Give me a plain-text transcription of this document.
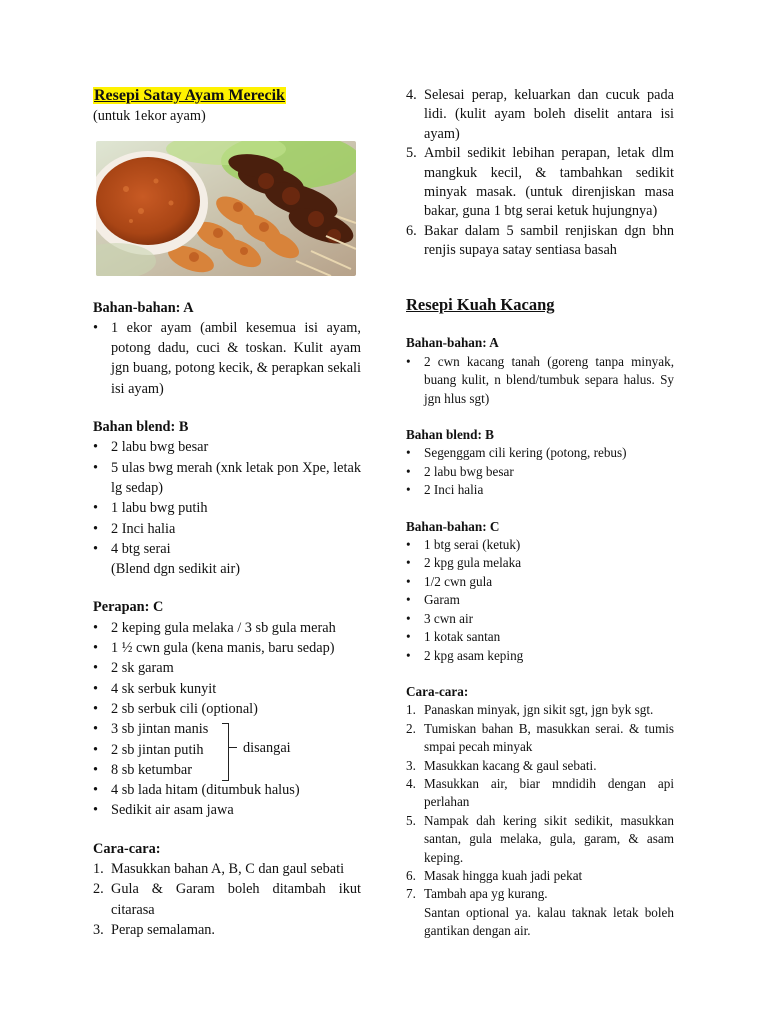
Resepi Satay Ayam Merecik

(untuk 1ekor ayam)

Bahan-bahan: A

• 1 ekor ayam (ambil kesemua isi ayam, potong dadu, cuci & toskan. Kulit ayam jgn buang, potong kecik, & perapkan sekali isi ayam)

Bahan blend: B

• 2 labu bwg besar
• 5 ulas bwg merah (xnk letak pon Xpe, letak lg sedap)
• 1 labu bwg putih
• 2 Inci halia
• 4 btg serai

(Blend dgn sedikit air)

Perapan: C

• 2 keping gula melaka / 3 sb gula merah
• 1 ½ cwn gula (kena manis, baru sedap)
• 2 sk garam
• 4 sk serbuk kunyit
• 2 sb serbuk cili (optional)
• 3 sb jintan manis
• 2 sb jintan putih
• 8 sb ketumbar
disangai
• 4 sb lada hitam (ditumbuk halus)
• Sedikit air asam jawa

Cara-cara:

1. Masukkan bahan A, B, C dan gaul sebati
2. Gula & Garam boleh ditambah ikut citarasa
3. Perap semalaman.
4. Selesai perap, keluarkan dan cucuk pada lidi. (kulit ayam boleh diselit antara isi ayam)
5. Ambil sedikit lebihan perapan, letak dlm mangkuk kecil, & tambahkan sedikit minyak masak. (untuk direnjiskan masa bakar, guna 1 btg serai ketuk hujungnya)
6. Bakar dalam 5 sambil renjiskan dgn bhn renjis supaya satay sentiasa basah

Resepi Kuah Kacang

Bahan-bahan: A

• 2 cwn kacang tanah (goreng tanpa minyak, buang kulit, n blend/tumbuk separa halus. Sy jgn hlus sgt)

Bahan blend: B

• Segenggam cili kering (potong, rebus)
• 2 labu bwg besar
• 2 Inci halia

Bahan-bahan: C

• 1 btg serai (ketuk)
• 2 kpg gula melaka
• 1/2 cwn gula
• Garam
• 3 cwn air
• 1 kotak santan
• 2 kpg asam keping

Cara-cara:

1. Panaskan minyak, jgn sikit sgt, jgn byk sgt.
2. Tumiskan bahan B, masukkan serai. & tumis smpai pecah minyak
3. Masukkan kacang & gaul sebati.
4. Masukkan air, biar mndidih dengan api perlahan
5. Nampak dah kering sikit sedikit, masukkan santan, gula melaka, gula, garam, & asam keping.
6. Masak hingga kuah jadi pekat
7. Tambah apa yg kurang.

Santan optional ya. kalau taknak letak boleh gantikan dengan air.
